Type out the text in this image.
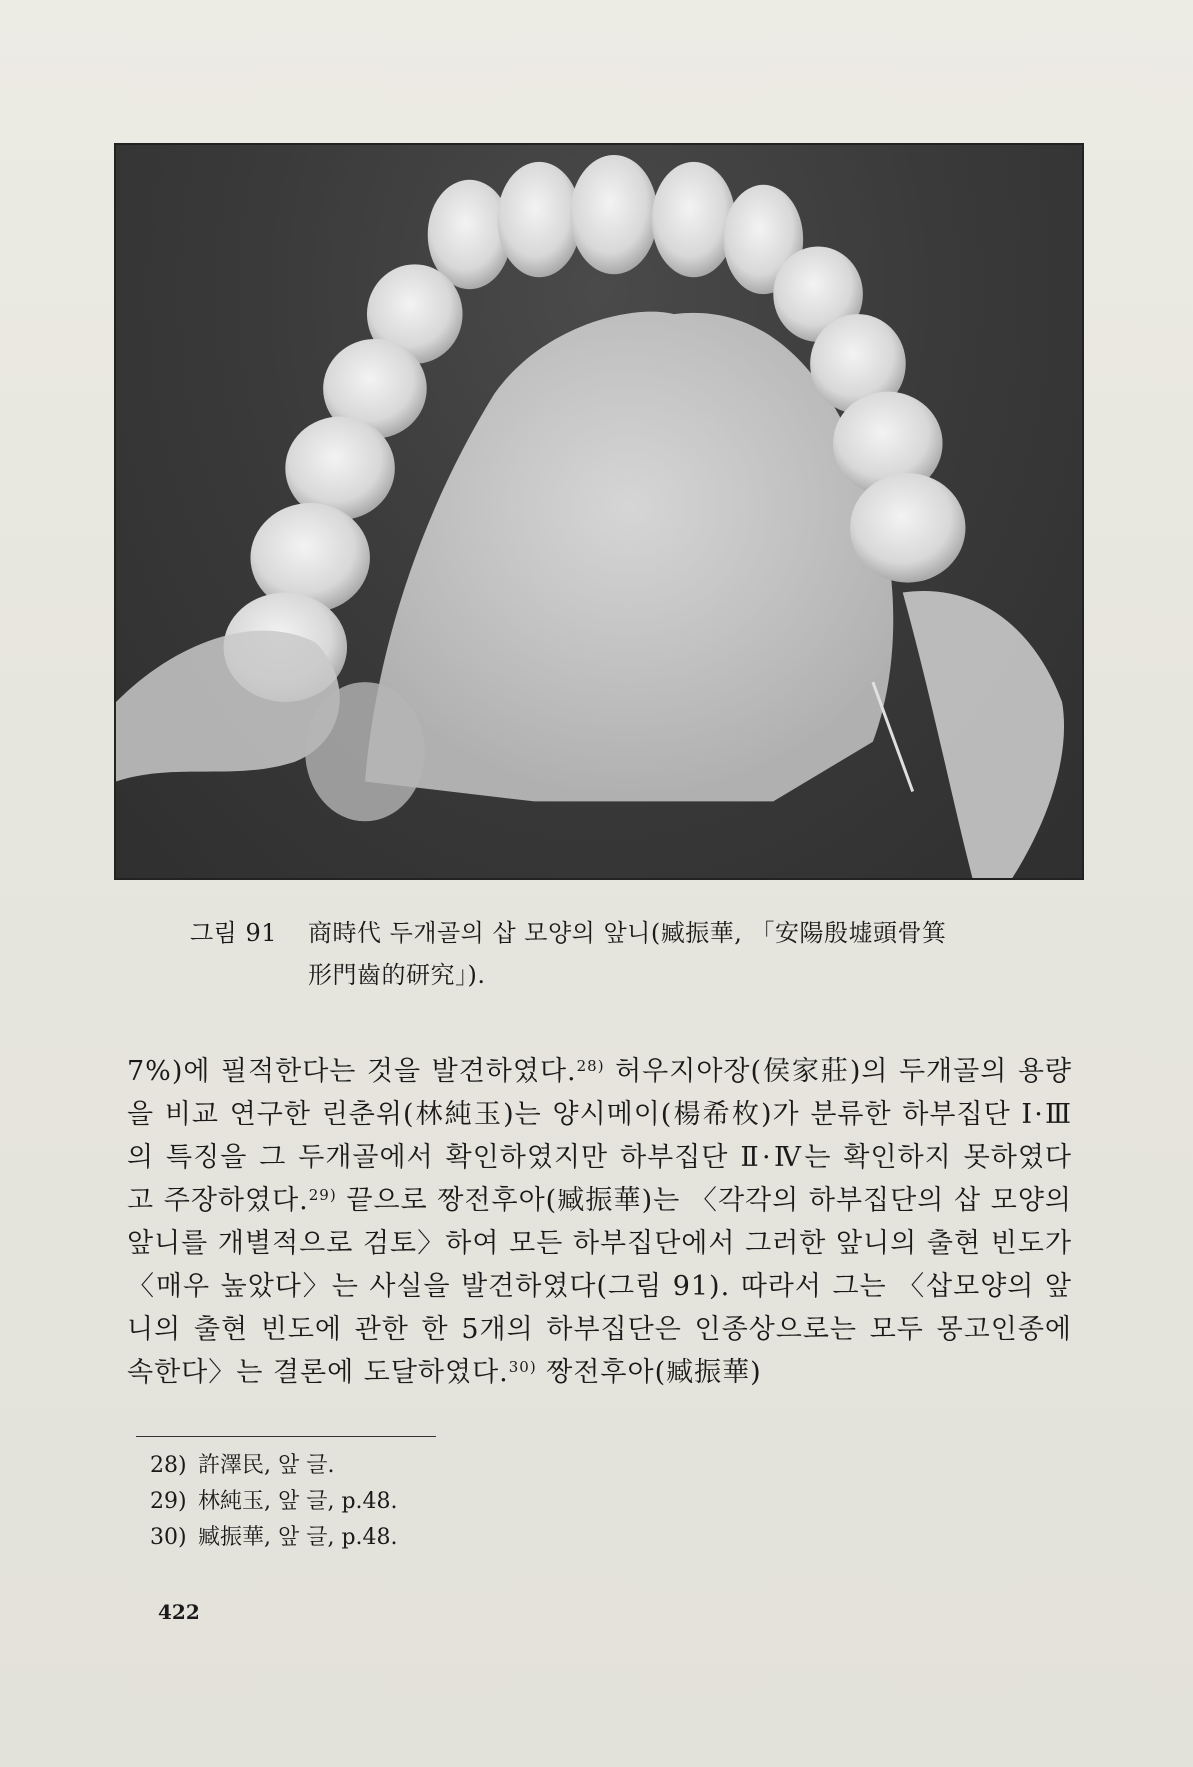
그림 91 商時代 두개골의 삽 모양의 앞니(臧振華, 「安陽殷墟頭骨箕
形門齒的研究」).

7%)에 필적한다는 것을 발견하였다.$^{28)}$ 허우지아장(侯家莊)의 두개골의 용량을 비교 연구한 린춘위(林純玉)는 양시메이(楊希枚)가 분류한 하부집단 Ⅰ·Ⅲ의 특징을 그 두개골에서 확인하였지만 하부집단 Ⅱ·Ⅳ는 확인하지 못하였다고 주장하였다.$^{29)}$ 끝으로 짱전후아(臧振華)는 〈각각의 하부집단의 삽 모양의 앞니를 개별적으로 검토〉하여 모든 하부집단에서 그러한 앞니의 출현 빈도가 〈매우 높았다〉는 사실을 발견하였다(그림 91). 따라서 그는 〈삽모양의 앞니의 출현 빈도에 관한 한 5개의 하부집단은 인종상으로는 모두 몽고인종에 속한다〉는 결론에 도달하였다.$^{30)}$ 짱전후아(臧振華)

28) 許澤民, 앞 글.
29) 林純玉, 앞 글, p.48.
30) 臧振華, 앞 글, p.48.
422
